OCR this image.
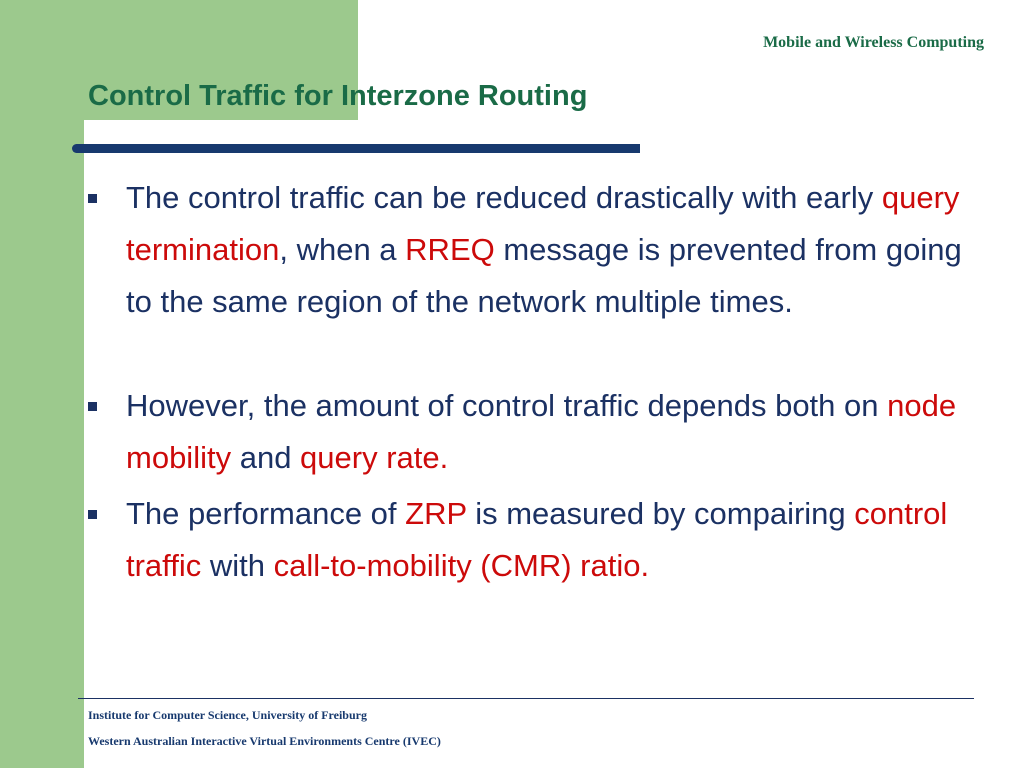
Mobile and Wireless Computing
Control Traffic for Interzone Routing
The control traffic can be reduced drastically with early query termination, when a RREQ message is prevented from going to the same region of the network multiple times.
However, the amount of control traffic depends both on node mobility and query rate.
The performance of ZRP is measured by compairing control traffic with call-to-mobility (CMR) ratio.
Institute for Computer Science, University of Freiburg
Western Australian Interactive Virtual Environments Centre (IVEC)
